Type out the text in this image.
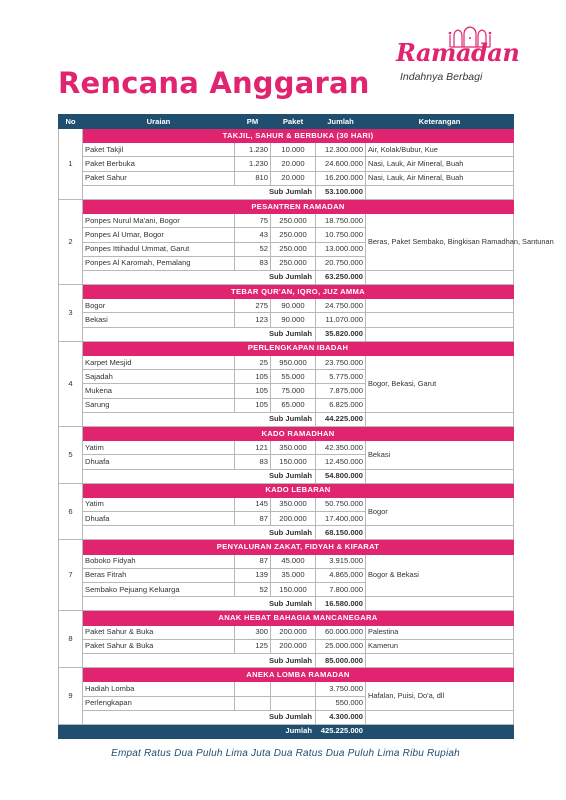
Rencana Anggaran
Ramadan
Indahnya Berbagi
No	Uraian	PM	Paket	Jumlah	Keterangan
1	TAKJIL, SAHUR & BERBUKA (30 HARI)				
	Paket Takjil	1.230	10.000	12.300.000	Air, Kolak/Bubur, Kue
	Paket Berbuka	1.230	20.000	24.600.000	Nasi, Lauk, Air Mineral, Buah
	Paket Sahur	810	20.000	16.200.000	Nasi, Lauk, Air Mineral, Buah
	Sub Jumlah			53.100.000	
2	PESANTREN RAMADAN				
	Ponpes Nurul Ma'ani, Bogor	75	250.000	18.750.000	Beras, Paket Sembako, Bingkisan Ramadhan, Santunan
	Ponpes Al Umar, Bogor	43	250.000	10.750.000	
	Ponpes Ittihadul Ummat, Garut	52	250.000	13.000.000	
	Ponpes Al Karomah, Pemalang	83	250.000	20.750.000	
	Sub Jumlah			63.250.000	
3	TEBAR QUR'AN, IQRO, JUZ AMMA				
	Bogor	275	90.000	24.750.000	
	Bekasi	123	90.000	11.070.000	
	Sub Jumlah			35.820.000	
4	PERLENGKAPAN IBADAH				
	Karpet Mesjid	25	950.000	23.750.000	Bogor, Bekasi, Garut
	Sajadah	105	55.000	5.775.000	
	Mukena	105	75.000	7.875.000	
	Sarung	105	65.000	6.825.000	
	Sub Jumlah			44.225.000	
5	KADO RAMADHAN				
	Yatim	121	350.000	42.350.000	Bekasi
	Dhuafa	83	150.000	12.450.000	
	Sub Jumlah			54.800.000	
6	KADO LEBARAN				
	Yatim	145	350.000	50.750.000	Bogor
	Dhuafa	87	200.000	17.400.000	
	Sub Jumlah			68.150.000	
7	PENYALURAN ZAKAT, FIDYAH & KIFARAT				
	Boboko Fidyah	87	45.000	3.915.000	Bogor & Bekasi
	Beras Fitrah	139	35.000	4.865.000	
	Sembako Pejuang Keluarga	52	150.000	7.800.000	
	Sub Jumlah			16.580.000	
8	ANAK HEBAT BAHAGIA MANCANEGARA				
	Paket Sahur & Buka	300	200.000	60.000.000	Palestina
	Paket Sahur & Buka	125	200.000	25.000.000	Kamerun
	Sub Jumlah			85.000.000	
9	ANEKA LOMBA RAMADAN				
	Hadiah Lomba			3.750.000	Hafalan, Puisi, Do'a, dll
	Perlengkapan			550.000	
	Sub Jumlah			4.300.000	
	Jumlah			425.225.000	
Empat Ratus Dua Puluh Lima Juta Dua Ratus Dua Puluh Lima Ribu Rupiah
